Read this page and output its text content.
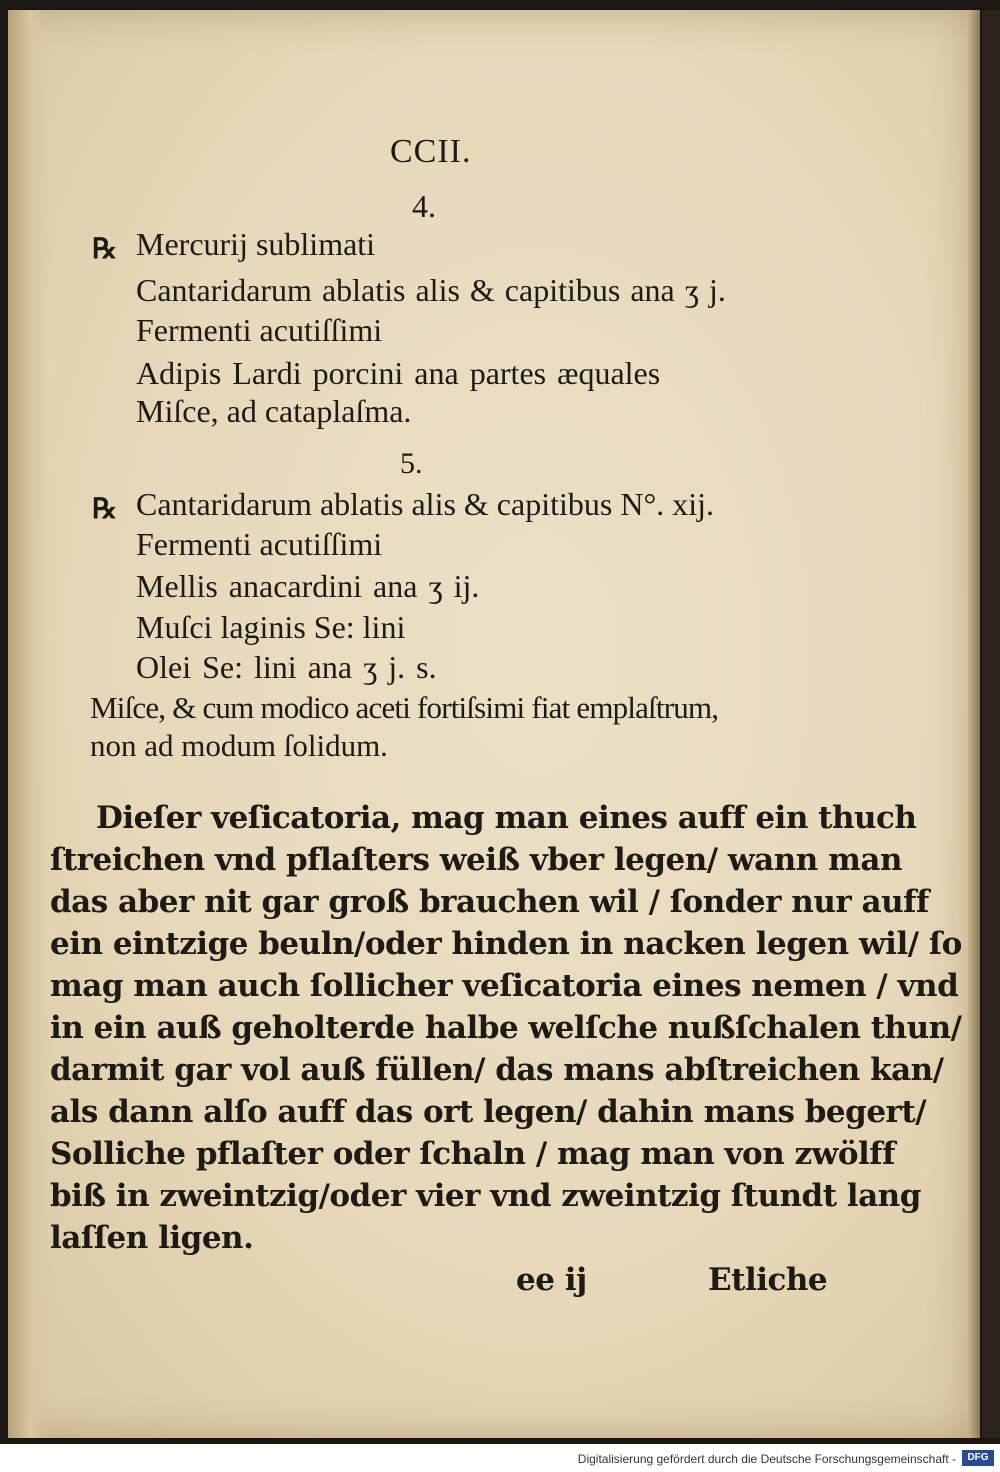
CCII.
4.
℞ Mercurij sublimati
Cantaridarum ablatis alis & capitibus ana ʒ j.
Fermenti acutiſſimi
Adipis Lardi porcini ana partes æquales
Miſce, ad cataplaſma.
5.
℞ Cantaridarum ablatis alis & capitibus N°. xij.
Fermenti acutiſſimi
Mellis anacardini ana ʒ ij.
Muſci laginis Se: lini
Olei Se: lini ana ʒ j. s.
Miſce, & cum modico aceti fortiſsimi fiat emplaſtrum,
non ad modum ſolidum.
Dieſer veſicatoria, mag man eines auff ein thuch
ſtreichen vnd pflaſters weiß vber legen/ wann man
das aber nit gar groß brauchen wil / ſonder nur auff
ein eintzige beuln/oder hinden in nacken legen wil/ ſo
mag man auch ſollicher veſicatoria eines nemen / vnd
in ein auß geholterde halbe welſche nußſchalen thun/
darmit gar vol auß füllen/ das mans abſtreichen kan/
als dann alſo auff das ort legen/ dahin mans begert/
Solliche pflaſter oder ſchaln / mag man von zwölff
biß in zweintzig/oder vier vnd zweintzig ſtundt lang
laſſen ligen.
ee ij	Etliche
Digitalisierung gefördert durch die Deutsche Forschungsgemeinschaft -	DFG
